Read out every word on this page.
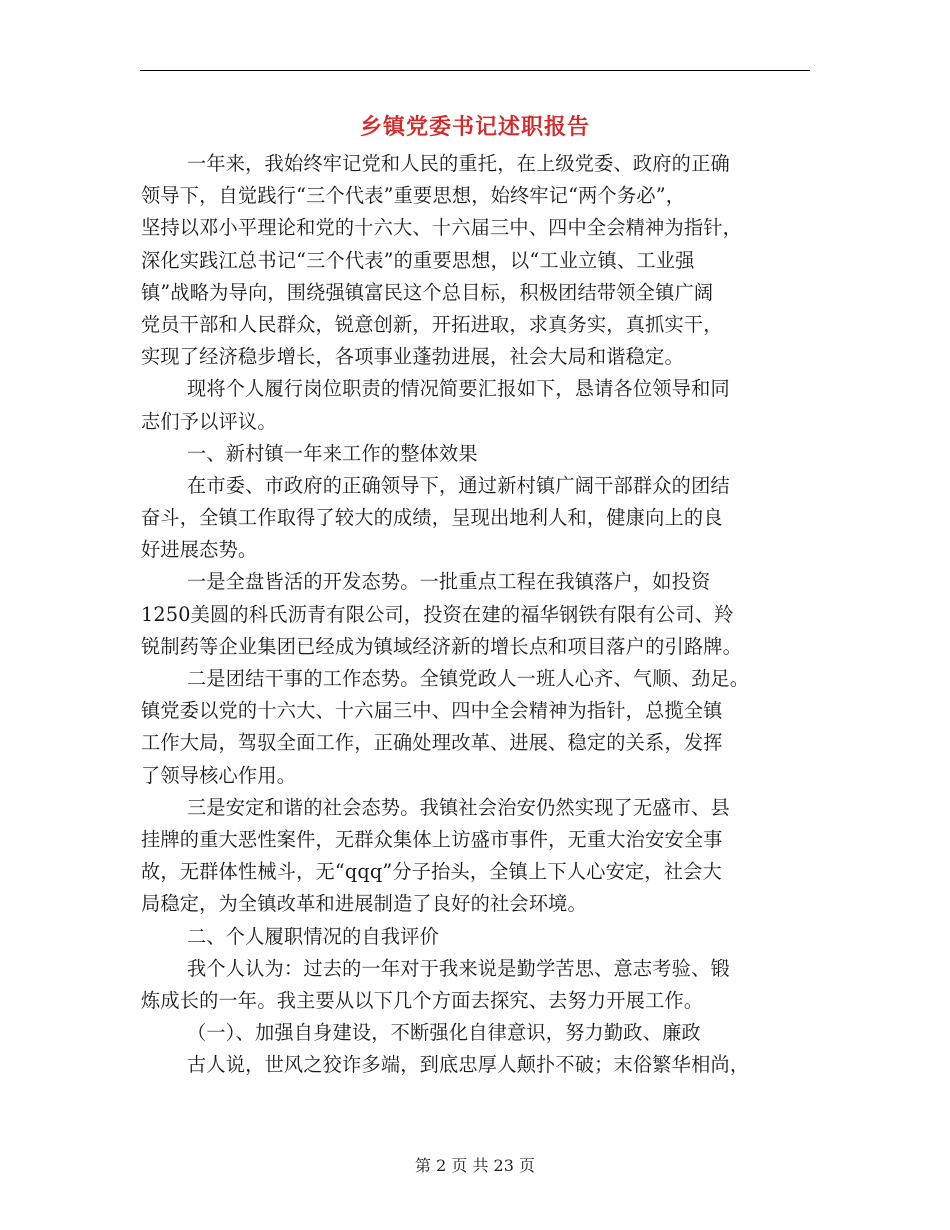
乡镇党委书记述职报告
一年来，我始终牢记党和人民的重托，在上级党委、政府的正确
领导下，自觉践行“三个代表”重要思想，始终牢记“两个务必”，
坚持以邓小平理论和党的十六大、十六届三中、四中全会精神为指针，
深化实践江总书记“三个代表”的重要思想，以“工业立镇、工业强
镇”战略为导向，围绕强镇富民这个总目标，积极团结带领全镇广阔
党员干部和人民群众，锐意创新，开拓进取，求真务实，真抓实干，
实现了经济稳步增长，各项事业蓬勃进展，社会大局和谐稳定。
现将个人履行岗位职责的情况简要汇报如下，恳请各位领导和同
志们予以评议。
一、新村镇一年来工作的整体效果
在市委、市政府的正确领导下，通过新村镇广阔干部群众的团结
奋斗，全镇工作取得了较大的成绩，呈现出地利人和，健康向上的良
好进展态势。
一是全盘皆活的开发态势。一批重点工程在我镇落户，如投资
1250美圆的科氏沥青有限公司，投资在建的福华钢铁有限有公司、羚
锐制药等企业集团已经成为镇域经济新的增长点和项目落户的引路牌。
二是团结干事的工作态势。全镇党政人一班人心齐、气顺、劲足。
镇党委以党的十六大、十六届三中、四中全会精神为指针，总揽全镇
工作大局，驾驭全面工作，正确处理改革、进展、稳定的关系，发挥
了领导核心作用。
三是安定和谐的社会态势。我镇社会治安仍然实现了无盛市、县
挂牌的重大恶性案件，无群众集体上访盛市事件，无重大治安安全事
故，无群体性械斗，无“qqq”分子抬头，全镇上下人心安定，社会大
局稳定，为全镇改革和进展制造了良好的社会环境。
二、个人履职情况的自我评价
我个人认为：过去的一年对于我来说是勤学苦思、意志考验、锻
炼成长的一年。我主要从以下几个方面去探究、去努力开展工作。
（一）、加强自身建设，不断强化自律意识，努力勤政、廉政
古人说，世风之狡诈多端，到底忠厚人颠扑不破；末俗繁华相尚，
第 2 页 共 23 页
